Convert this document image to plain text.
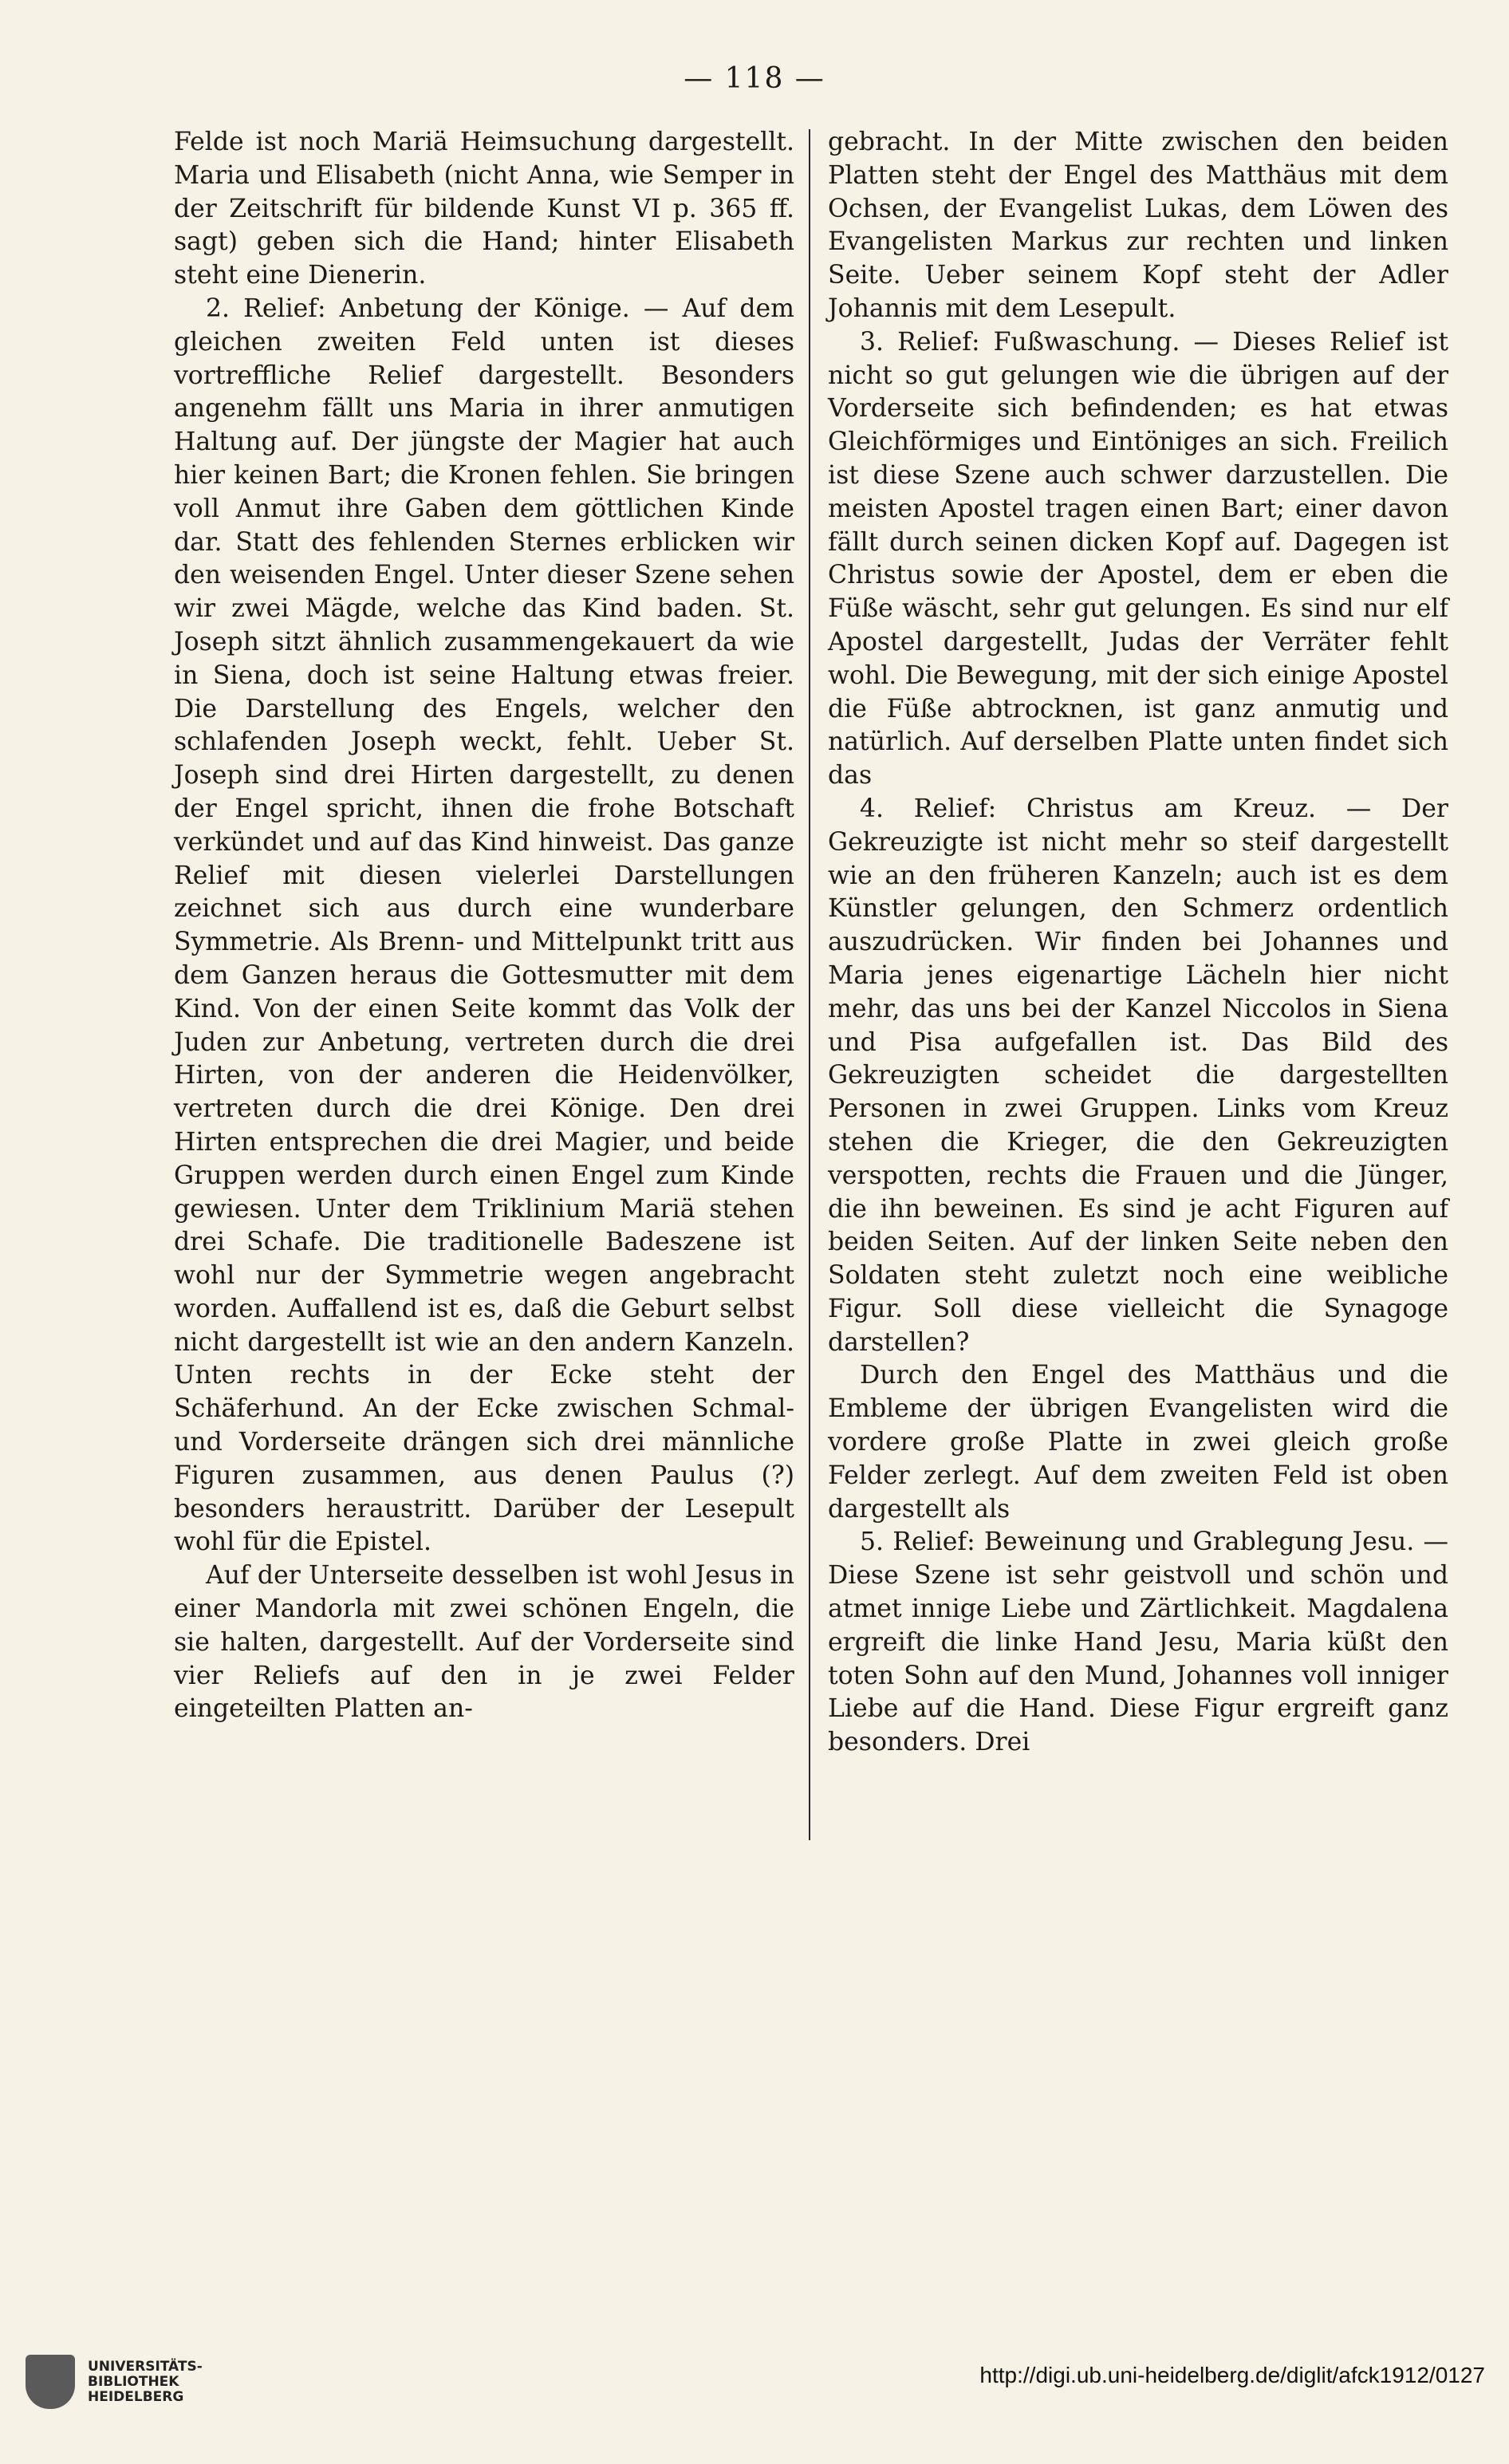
— 118 —

Felde ist noch Mariä Heimsuchung dargestellt. Maria und Elisabeth (nicht Anna, wie Semper in der Zeitschrift für bildende Kunst VI p. 365 ff. sagt) geben sich die Hand; hinter Elisabeth steht eine Dienerin.

2. Relief: Anbetung der Könige. — Auf dem gleichen zweiten Feld unten ist dieses vortreffliche Relief dargestellt. Besonders angenehm fällt uns Maria in ihrer anmutigen Haltung auf. Der jüngste der Magier hat auch hier keinen Bart; die Kronen fehlen. Sie bringen voll Anmut ihre Gaben dem göttlichen Kinde dar. Statt des fehlenden Sternes erblicken wir den weisenden Engel. Unter dieser Szene sehen wir zwei Mägde, welche das Kind baden. St. Joseph sitzt ähnlich zusammengekauert da wie in Siena, doch ist seine Haltung etwas freier. Die Darstellung des Engels, welcher den schlafenden Joseph weckt, fehlt. Ueber St. Joseph sind drei Hirten dargestellt, zu denen der Engel spricht, ihnen die frohe Botschaft verkündet und auf das Kind hinweist. Das ganze Relief mit diesen vielerlei Darstellungen zeichnet sich aus durch eine wunderbare Symmetrie. Als Brenn- und Mittelpunkt tritt aus dem Ganzen heraus die Gottesmutter mit dem Kind. Von der einen Seite kommt das Volk der Juden zur Anbetung, vertreten durch die drei Hirten, von der anderen die Heidenvölker, vertreten durch die drei Könige. Den drei Hirten entsprechen die drei Magier, und beide Gruppen werden durch einen Engel zum Kinde gewiesen. Unter dem Triklinium Mariä stehen drei Schafe. Die traditionelle Badeszene ist wohl nur der Symmetrie wegen angebracht worden. Auffallend ist es, daß die Geburt selbst nicht dargestellt ist wie an den andern Kanzeln. Unten rechts in der Ecke steht der Schäferhund. An der Ecke zwischen Schmal- und Vorderseite drängen sich drei männliche Figuren zusammen, aus denen Paulus (?) besonders heraustritt. Darüber der Lesepult wohl für die Epistel.

Auf der Unterseite desselben ist wohl Jesus in einer Mandorla mit zwei schönen Engeln, die sie halten, dargestellt. Auf der Vorderseite sind vier Reliefs auf den in je zwei Felder eingeteilten Platten an-

gebracht. In der Mitte zwischen den beiden Platten steht der Engel des Matthäus mit dem Ochsen, der Evangelist Lukas, dem Löwen des Evangelisten Markus zur rechten und linken Seite. Ueber seinem Kopf steht der Adler Johannis mit dem Lesepult.

3. Relief: Fußwaschung. — Dieses Relief ist nicht so gut gelungen wie die übrigen auf der Vorderseite sich befindenden; es hat etwas Gleichförmiges und Eintöniges an sich. Freilich ist diese Szene auch schwer darzustellen. Die meisten Apostel tragen einen Bart; einer davon fällt durch seinen dicken Kopf auf. Dagegen ist Christus sowie der Apostel, dem er eben die Füße wäscht, sehr gut gelungen. Es sind nur elf Apostel dargestellt, Judas der Verräter fehlt wohl. Die Bewegung, mit der sich einige Apostel die Füße abtrocknen, ist ganz anmutig und natürlich. Auf derselben Platte unten findet sich das

4. Relief: Christus am Kreuz. — Der Gekreuzigte ist nicht mehr so steif dargestellt wie an den früheren Kanzeln; auch ist es dem Künstler gelungen, den Schmerz ordentlich auszudrücken. Wir finden bei Johannes und Maria jenes eigenartige Lächeln hier nicht mehr, das uns bei der Kanzel Niccolos in Siena und Pisa aufgefallen ist. Das Bild des Gekreuzigten scheidet die dargestellten Personen in zwei Gruppen. Links vom Kreuz stehen die Krieger, die den Gekreuzigten verspotten, rechts die Frauen und die Jünger, die ihn beweinen. Es sind je acht Figuren auf beiden Seiten. Auf der linken Seite neben den Soldaten steht zuletzt noch eine weibliche Figur. Soll diese vielleicht die Synagoge darstellen?

Durch den Engel des Matthäus und die Embleme der übrigen Evangelisten wird die vordere große Platte in zwei gleich große Felder zerlegt. Auf dem zweiten Feld ist oben dargestellt als

5. Relief: Beweinung und Grablegung Jesu. — Diese Szene ist sehr geistvoll und schön und atmet innige Liebe und Zärtlichkeit. Magdalena ergreift die linke Hand Jesu, Maria küßt den toten Sohn auf den Mund, Johannes voll inniger Liebe auf die Hand. Diese Figur ergreift ganz besonders. Drei

UNIVERSITÄTS-
BIBLIOTHEK
HEIDELBERG
http://digi.ub.uni-heidelberg.de/diglit/afck1912/0127
